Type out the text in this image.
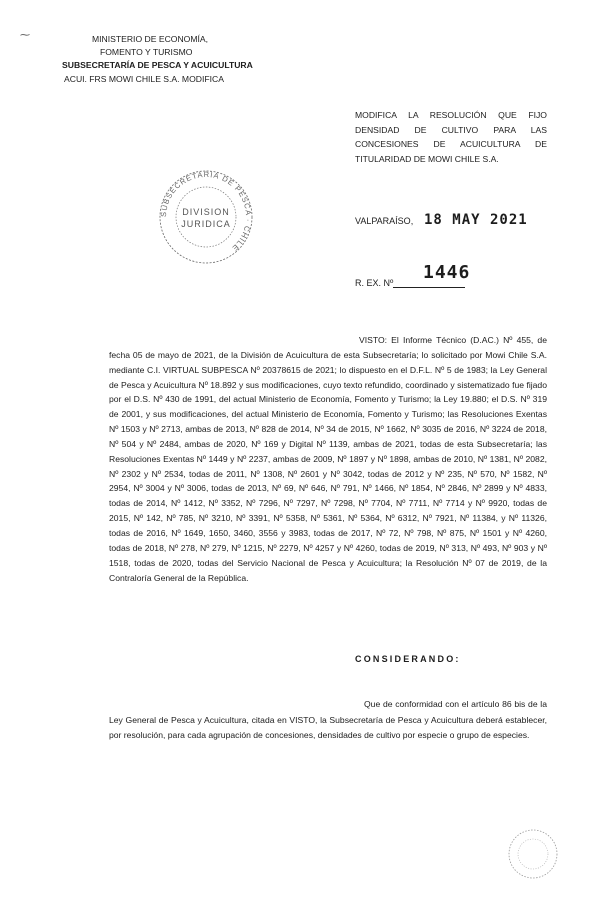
⁓	MINISTERIO DE ECONOMÍA,
FOMENTO Y TURISMO
SUBSECRETARÍA DE PESCA Y ACUICULTURA
ACUI. FRS MOWI CHILE S.A. MODIFICA
MODIFICA LA RESOLUCIÓN QUE FIJO DENSIDAD DE CULTIVO PARA LAS CONCESIONES DE ACUICULTURA DE TITULARIDAD DE MOWI CHILE S.A.
SUBSECRETARIA DE PESCA · CHILE
DIVISION
JURIDICA	VALPARAÍSO, 18 MAY 2021
1446
R. EX. Nº
VISTO: El Informe Técnico (D.AC.) Nº 455, de fecha 05 de mayo de 2021, de la División de Acuicultura de esta Subsecretaría; lo solicitado por Mowi Chile S.A. mediante C.I. VIRTUAL SUBPESCA Nº 20378615 de 2021; lo dispuesto en el D.F.L. Nº 5 de 1983; la Ley General de Pesca y Acuicultura Nº 18.892 y sus modificaciones, cuyo texto refundido, coordinado y sistematizado fue fijado por el D.S. Nº 430 de 1991, del actual Ministerio de Economía, Fomento y Turismo; la Ley 19.880; el D.S. Nº 319 de 2001, y sus modificaciones, del actual Ministerio de Economía, Fomento y Turismo; las Resoluciones Exentas Nº 1503 y Nº 2713, ambas de 2013, Nº 828 de 2014, Nº 34 de 2015, Nº 1662, Nº 3035 de 2016, Nº 3224 de 2018, Nº 504 y Nº 2484, ambas de 2020, Nº 169 y Digital Nº 1139, ambas de 2021, todas de esta Subsecretaría; las Resoluciones Exentas Nº 1449 y Nº 2237, ambas de 2009, Nº 1897 y Nº 1898, ambas de 2010, Nº 1381, Nº 2082, Nº 2302 y Nº 2534, todas de 2011, Nº 1308, Nº 2601 y Nº 3042, todas de 2012 y Nº 235, Nº 570, Nº 1582, Nº 2954, Nº 3004 y Nº 3006, todas de 2013, Nº 69, Nº 646, Nº 791, Nº 1466, Nº 1854, Nº 2846, Nº 2899 y Nº 4833, todas de 2014, Nº 1412, Nº 3352, Nº 7296, Nº 7297, Nº 7298, Nº 7704, Nº 7711, Nº 7714 y Nº 9920, todas de 2015, Nº 142, Nº 785, Nº 3210, Nº 3391, Nº 5358, Nº 5361, Nº 5364, Nº 6312, Nº 7921, Nº 11384, y Nº 11326, todas de 2016, Nº 1649, 1650, 3460, 3556 y 3983, todas de 2017, Nº 72, Nº 798, Nº 875, Nº 1501 y Nº 4260, todas de 2018, Nº 278, Nº 279, Nº 1215, Nº 2279, Nº 4257 y Nº 4260, todas de 2019, Nº 313, Nº 493, Nº 903 y Nº 1518, todas de 2020, todas del Servicio Nacional de Pesca y Acuicultura; la Resolución Nº 07 de 2019, de la Contraloría General de la República.
CONSIDERANDO:
Que de conformidad con el artículo 86 bis de la Ley General de Pesca y Acuicultura, citada en VISTO, la Subsecretaría de Pesca y Acuicultura deberá establecer, por resolución, para cada agrupación de concesiones, densidades de cultivo por especie o grupo de especies.
